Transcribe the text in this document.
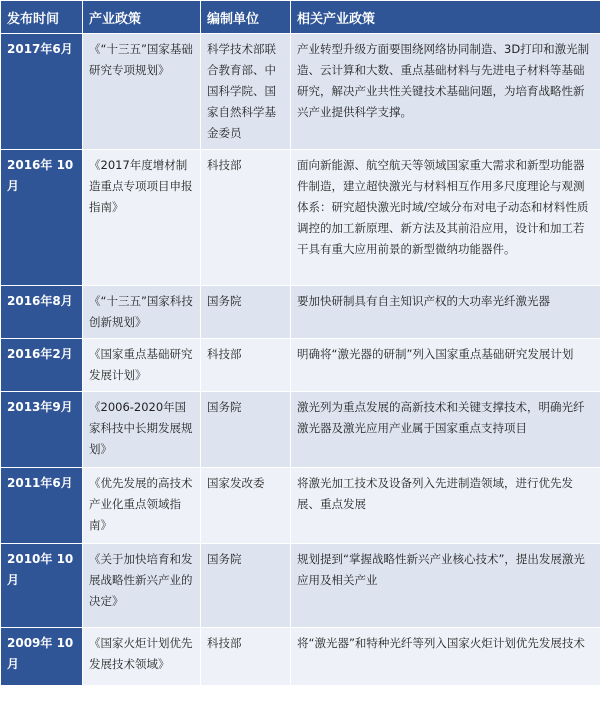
发布时间	产业政策	编制单位	相关产业政策
2017年6月	《“十三五”国家基础研究专项规划》	科学技术部联合教育部、中国科学院、国家自然科学基金委员	产业转型升级方面要围绕网络协同制造、3D打印和激光制造、云计算和大数、重点基础材料与先进电子材料等基础研究，解决产业共性关键技术基础问题，为培育战略性新兴产业提供科学支撑。
2016年 10月	《2017年度增材制造重点专项项目申报指南》	科技部	面向新能源、航空航天等领域国家重大需求和新型功能器件制造，建立超快激光与材料相互作用多尺度理论与观测体系：研究超快激光时域/空域分布对电子动态和材料性质调控的加工新原理、新方法及其前沿应用，设计和加工若干具有重大应用前景的新型微纳功能器件。
2016年8月	《“十三五”国家科技创新规划》	国务院	要加快研制具有自主知识产权的大功率光纤激光器
2016年2月	《国家重点基础研究发展计划》	科技部	明确将“激光器的研制”列入国家重点基础研究发展计划
2013年9月	《2006-2020年国家科技中长期发展规划》	国务院	激光列为重点发展的高新技术和关键支撑技术，明确光纤激光器及激光应用产业属于国家重点支持项目
2011年6月	《优先发展的高技术产业化重点领域指南》	国家发改委	将激光加工技术及设备列入先进制造领域，进行优先发展、重点发展
2010年 10月	《关于加快培育和发展战略性新兴产业的决定》	国务院	规划提到“掌握战略性新兴产业核心技术”，提出发展激光应用及相关产业
2009年 10月	《国家火炬计划优先发展技术领域》	科技部	将“激光器”和特种光纤等列入国家火炬计划优先发展技术
